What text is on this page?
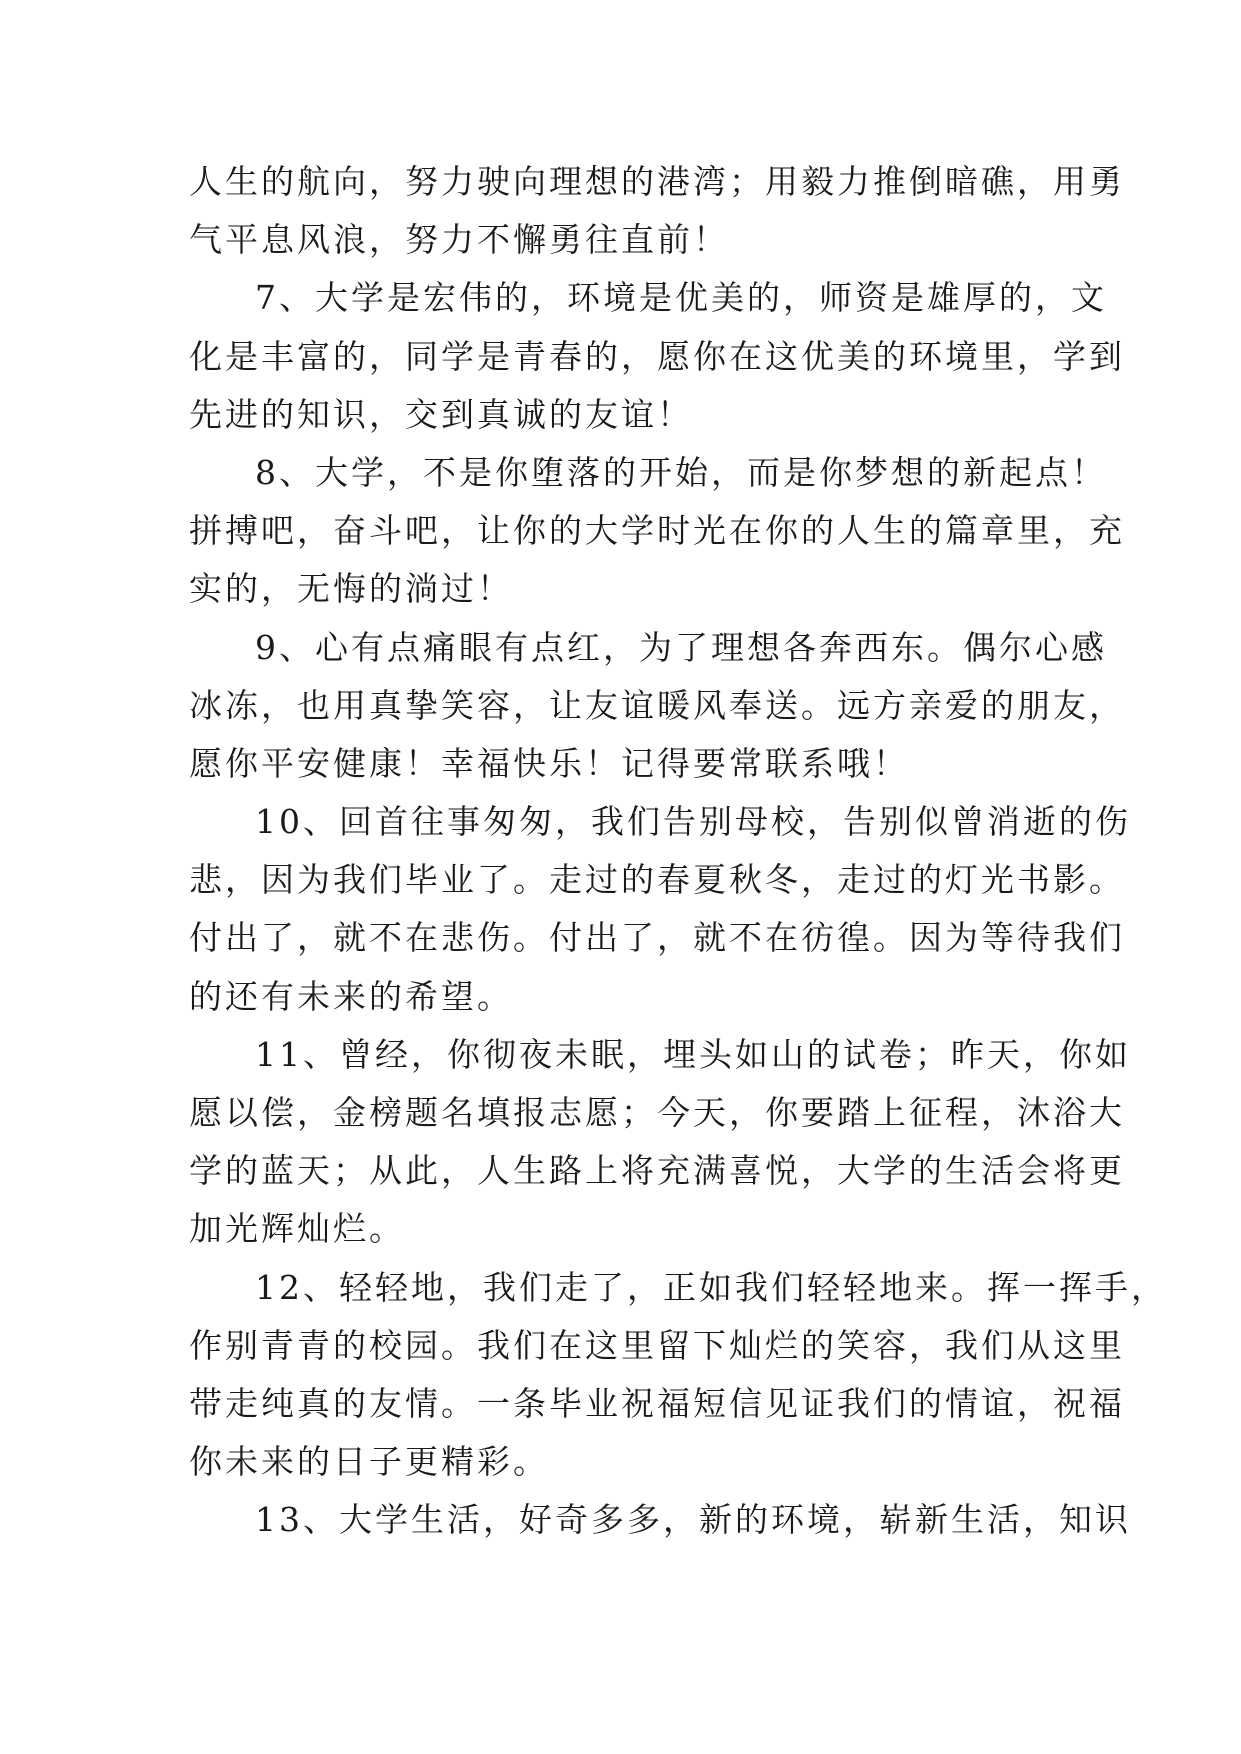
人生的航向，努力驶向理想的港湾；用毅力推倒暗礁，用勇
气平息风浪，努力不懈勇往直前！
7、大学是宏伟的，环境是优美的，师资是雄厚的，文
化是丰富的，同学是青春的，愿你在这优美的环境里，学到
先进的知识，交到真诚的友谊！
8、大学，不是你堕落的开始，而是你梦想的新起点！
拼搏吧，奋斗吧，让你的大学时光在你的人生的篇章里，充
实的，无悔的淌过！
9、心有点痛眼有点红，为了理想各奔西东。偶尔心感
冰冻，也用真挚笑容，让友谊暖风奉送。远方亲爱的朋友，
愿你平安健康！幸福快乐！记得要常联系哦！
10、回首往事匆匆，我们告别母校，告别似曾消逝的伤
悲，因为我们毕业了。走过的春夏秋冬，走过的灯光书影。
付出了，就不在悲伤。付出了，就不在彷徨。因为等待我们
的还有未来的希望。
11、曾经，你彻夜未眠，埋头如山的试卷；昨天，你如
愿以偿，金榜题名填报志愿；今天，你要踏上征程，沐浴大
学的蓝天；从此，人生路上将充满喜悦，大学的生活会将更
加光辉灿烂。
12、轻轻地，我们走了，正如我们轻轻地来。挥一挥手，
作别青青的校园。我们在这里留下灿烂的笑容，我们从这里
带走纯真的友情。一条毕业祝福短信见证我们的情谊，祝福
你未来的日子更精彩。
13、大学生活，好奇多多，新的环境，崭新生活，知识
